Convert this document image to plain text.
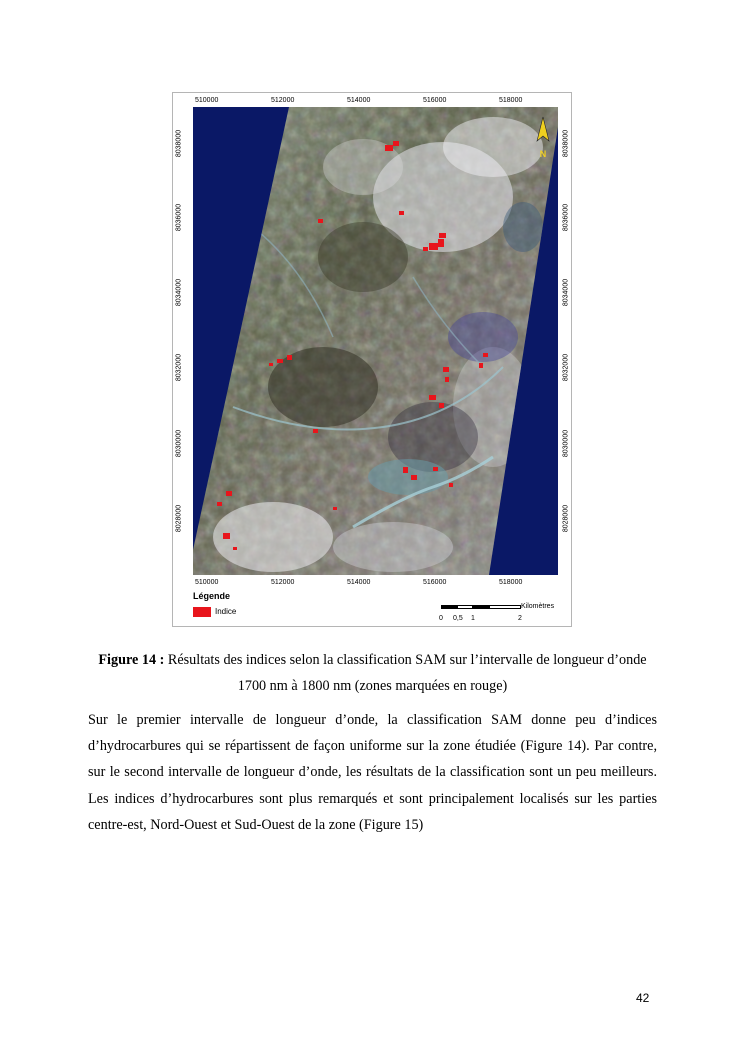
510000	512000	514000	516000	518000
510000	512000	514000	516000	518000
8038000
8036000
8034000
8032000
8030000
8028000
8038000
8036000
8034000
8032000
8030000
8028000
N
Légende
Indice
0 0,5 1	2
Kilomètres
Figure 14 : Résultats des indices selon la classification SAM sur l’intervalle de longueur d’onde 1700 nm à 1800 nm (zones marquées en rouge)
Sur le premier intervalle de longueur d’onde, la classification SAM donne peu d’indices d’hydrocarbures qui se répartissent de façon uniforme sur la zone étudiée (Figure 14). Par contre, sur le second intervalle de longueur d’onde, les résultats de la classification sont un peu meilleurs. Les indices d’hydrocarbures sont plus remarqués et sont principalement localisés sur les parties centre-est, Nord-Ouest et Sud-Ouest de la zone (Figure 15)
42
